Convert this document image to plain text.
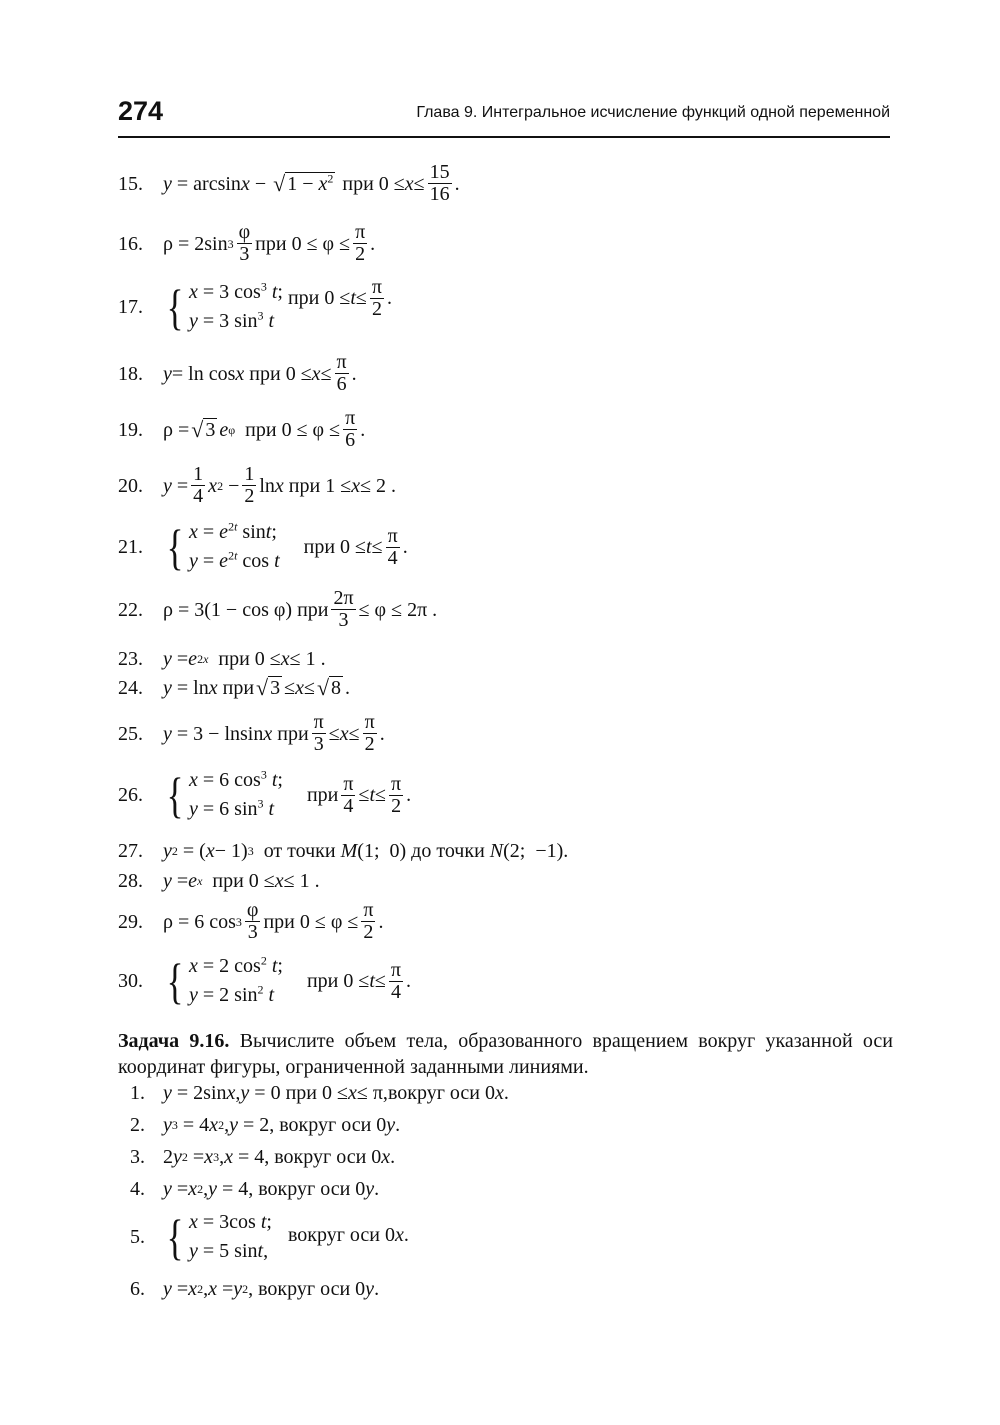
274	Глава 9. Интегральное исчисление функций одной переменной
15.	y = arcsin x − √ $1 - x^2$
при $0 \le x \le \frac{15}{16}$ .
16.	ρ = 2sin $3 \frac{\varphi}{3}$ при $0 \le \varphi \le \frac{\pi}{2}$ .
17. { x = 3 $\cos^3 t$;
y = 3 $\sin^3 t$

при $0 \le t \le \frac{\pi}{2}$ .
18.	y = ln cos x
при $0 \le x \le \frac{\pi}{6}$ .
19.	ρ = √ 3 e φ
при $0 \le \varphi \le \frac{\pi}{6}$ .
20.	$y = \frac{1}{4}$ x $2 - \frac{1}{2}$ ln x
при 1 ≤ x ≤ 2 .
21. { $x = e^{2t}$ sint;
$y = e^{2t}$ cos t
при $0 \le t \le \frac{\pi}{4}$ .
22.	ρ = 3(1 − cos φ) при $\frac{2\pi}{3} \le \varphi \le 2\pi$ .
23.	y = e 2x
при 0 ≤ x ≤ 1 .
24.	y = ln x
при √ 3 ≤ x ≤ √ 8 .
25.	y = 3 − lnsin x
при $\frac{\pi}{3} \le x \le \frac{\pi}{2}$ .
26. { x = 6 $\cos^3 t$;
y = 6 $\sin^3 t$
при $\frac{\pi}{4} \le t \le \frac{\pi}{2}$ .
27.	y 2 = ( x − 1) 3
от точки
M (1;  0) до точки
N (2;  −1).
28.	y = e x
при 0 ≤ x ≤ 1 .
29.	ρ = 6 $\cos 3 \frac{\varphi}{3}$ при $0 \le \varphi \le \frac{\pi}{2}$ .
30. { x = 2 $\cos^2 t$;
y = 2 $\sin^2 t$
при $0 \le t \le \frac{\pi}{4}$ .
Задача 9.16. Вычислите объем тела, образованного вращением вокруг указанной оси координат фигуры, ограниченной заданными линиями.
1. y = 2sin x , y = 0 при 0 ≤ x ≤ π, вокруг оси 0 x .
2. y 3 = 4 x 2 , y = 2, вокруг оси 0 y .
3. 2 y 2 = x 3 , x = 4, вокруг оси 0 x .
4. y = x 2 , y = 4, вокруг оси 0 y .
5. { x = 3cos t;
y = 5 sint,
вокруг оси 0 x .
6. y = x 2 , x = y 2 , вокруг оси 0 y .
